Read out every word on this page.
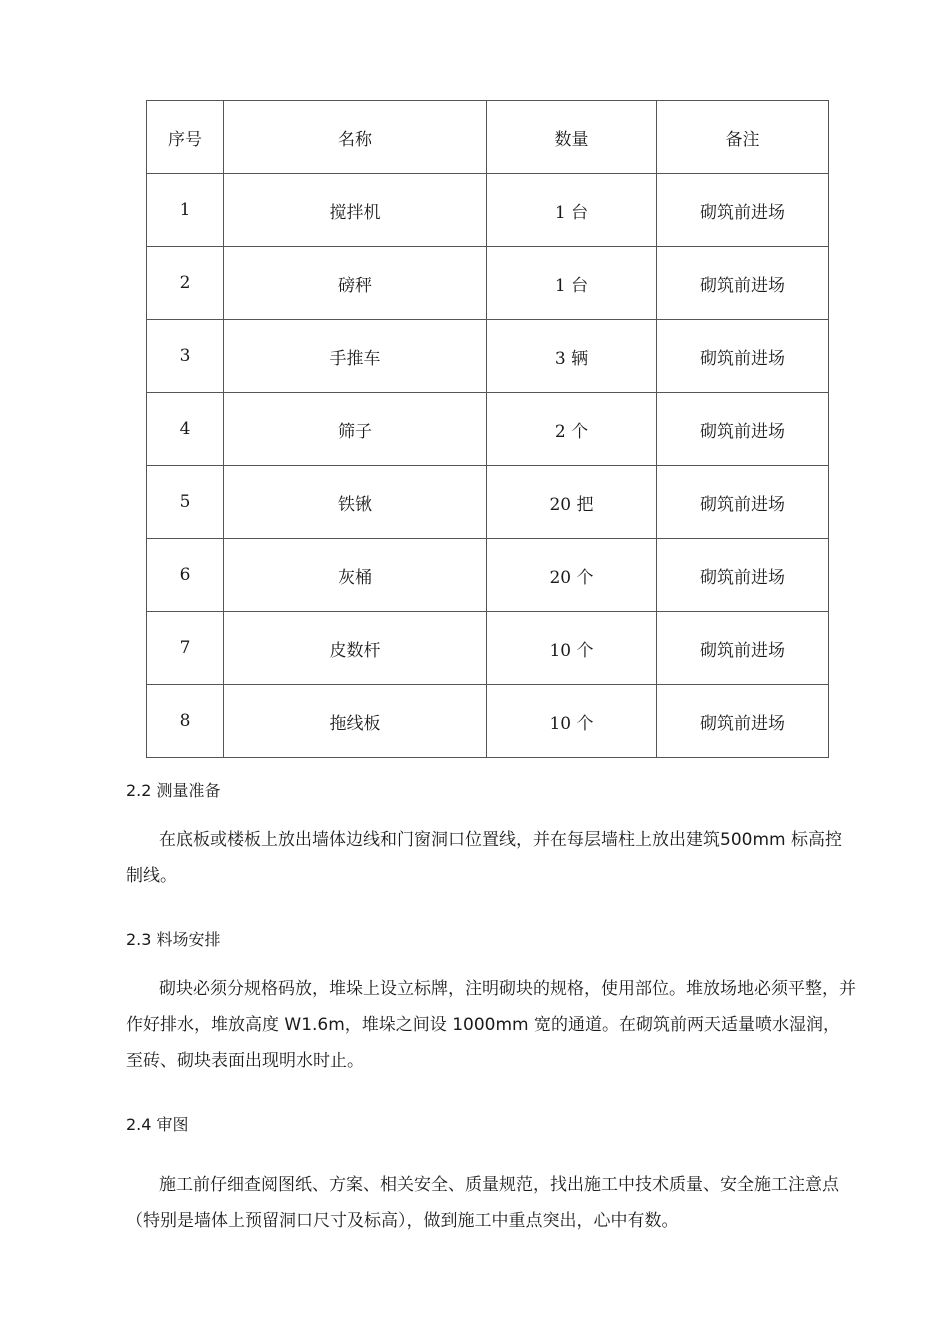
序号	名称	数量	备注
1	搅拌机	1 台	砌筑前进场
2	磅秤	1 台	砌筑前进场
3	手推车	3 辆	砌筑前进场
4	筛子	2 个	砌筑前进场
5	铁锹	20 把	砌筑前进场
6	灰桶	20 个	砌筑前进场
7	皮数杆	10 个	砌筑前进场
8	拖线板	10 个	砌筑前进场
2.2 测量准备
在底板或楼板上放出墙体边线和门窗洞口位置线，并在每层墙柱上放出建筑500mm 标高控制线。
2.3 料场安排
砌块必须分规格码放，堆垛上设立标牌，注明砌块的规格，使用部位。堆放场地必须平整，并作好排水，堆放高度 W1.6m，堆垛之间设 1000mm 宽的通道。在砌筑前两天适量喷水湿润，至砖、砌块表面出现明水时止。
2.4 审图
施工前仔细查阅图纸、方案、相关安全、质量规范，找出施工中技术质量、安全施工注意点（特别是墙体上预留洞口尺寸及标高），做到施工中重点突出，心中有数。
